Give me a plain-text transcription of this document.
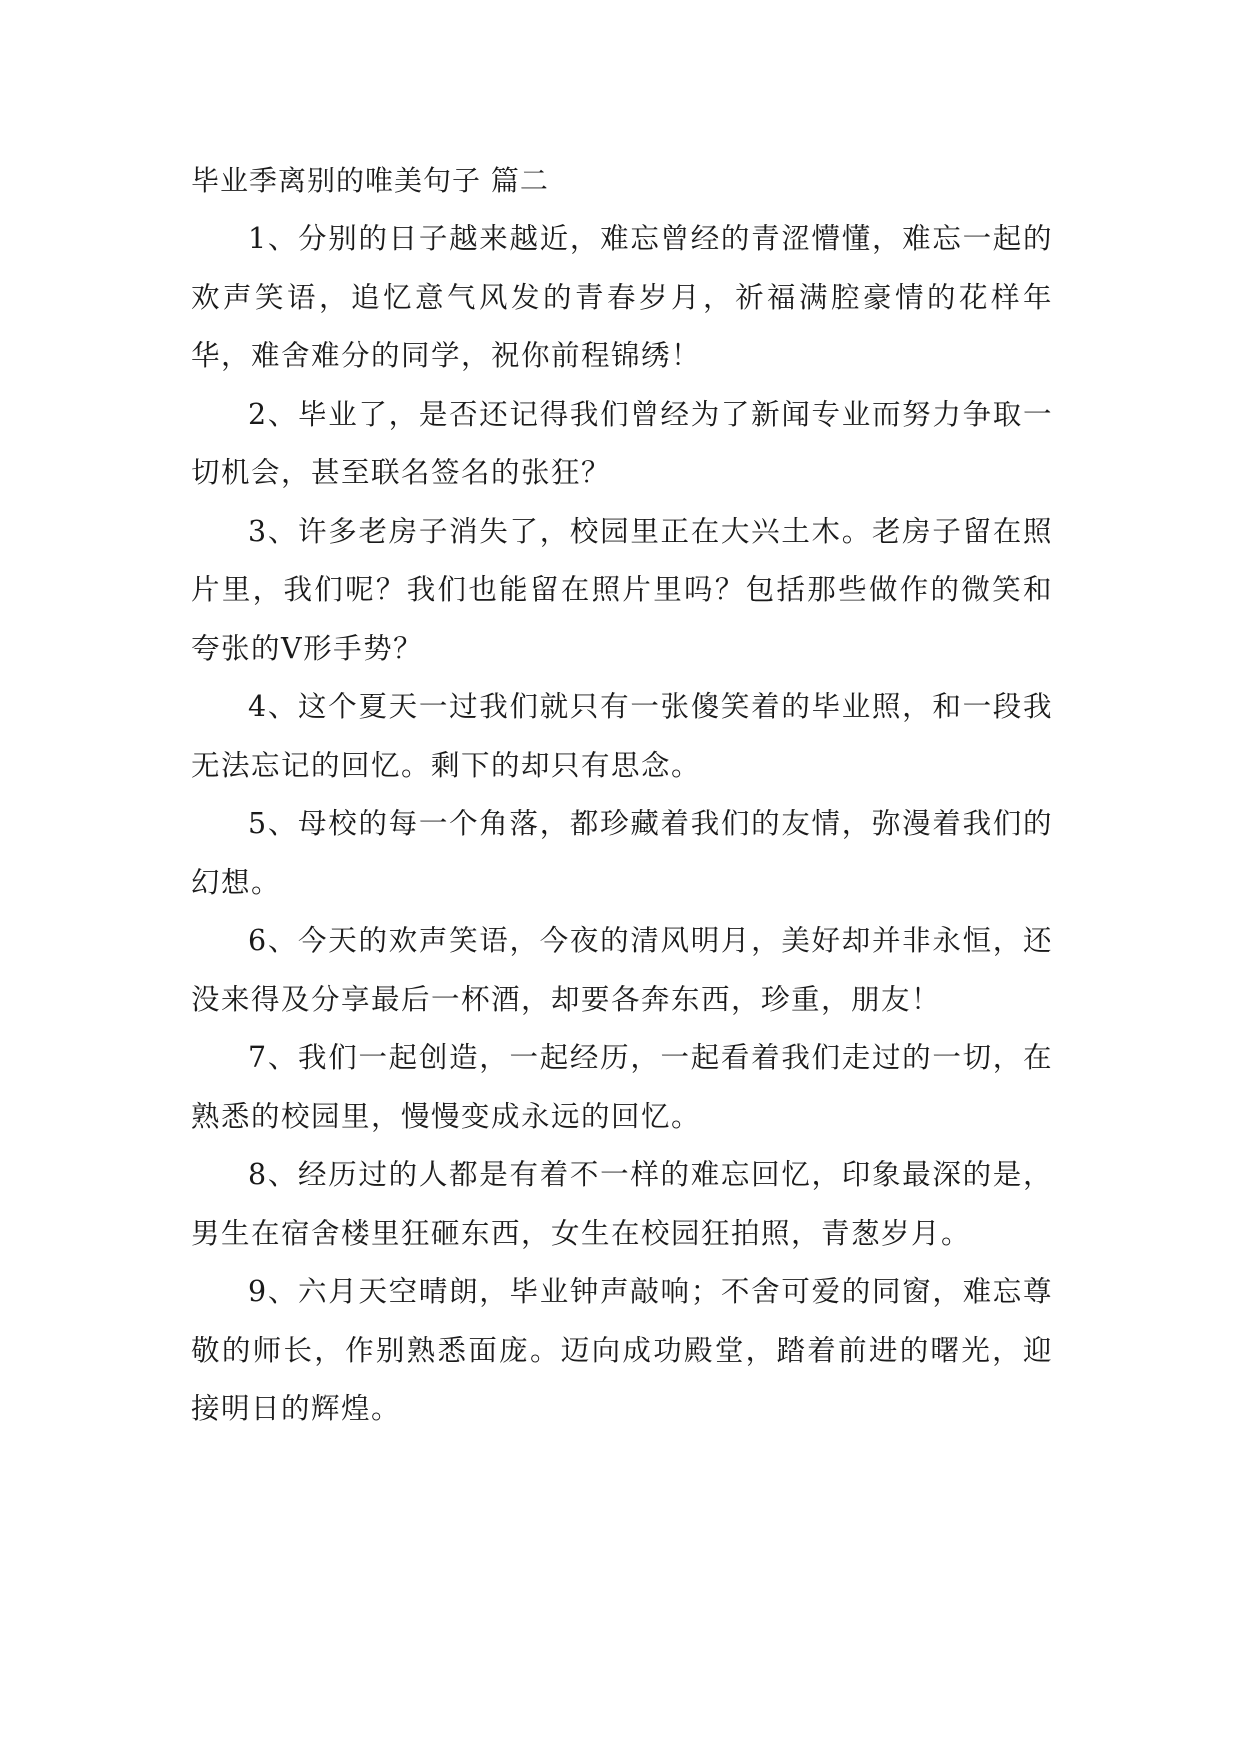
毕业季离别的唯美句子 篇二

1、分别的日子越来越近，难忘曾经的青涩懵懂，难忘一起的欢声笑语，追忆意气风发的青春岁月，祈福满腔豪情的花样年华，难舍难分的同学，祝你前程锦绣！

2、毕业了，是否还记得我们曾经为了新闻专业而努力争取一切机会，甚至联名签名的张狂？

3、许多老房子消失了，校园里正在大兴土木。老房子留在照片里，我们呢？我们也能留在照片里吗？包括那些做作的微笑和夸张的V形手势？

4、这个夏天一过我们就只有一张傻笑着的毕业照，和一段我无法忘记的回忆。剩下的却只有思念。

5、母校的每一个角落，都珍藏着我们的友情，弥漫着我们的幻想。

6、今天的欢声笑语，今夜的清风明月，美好却并非永恒，还没来得及分享最后一杯酒，却要各奔东西，珍重，朋友！

7、我们一起创造，一起经历，一起看着我们走过的一切，在熟悉的校园里，慢慢变成永远的回忆。

8、经历过的人都是有着不一样的难忘回忆，印象最深的是，男生在宿舍楼里狂砸东西，女生在校园狂拍照，青葱岁月。

9、六月天空晴朗，毕业钟声敲响；不舍可爱的同窗，难忘尊敬的师长，作别熟悉面庞。迈向成功殿堂，踏着前进的曙光，迎接明日的辉煌。
